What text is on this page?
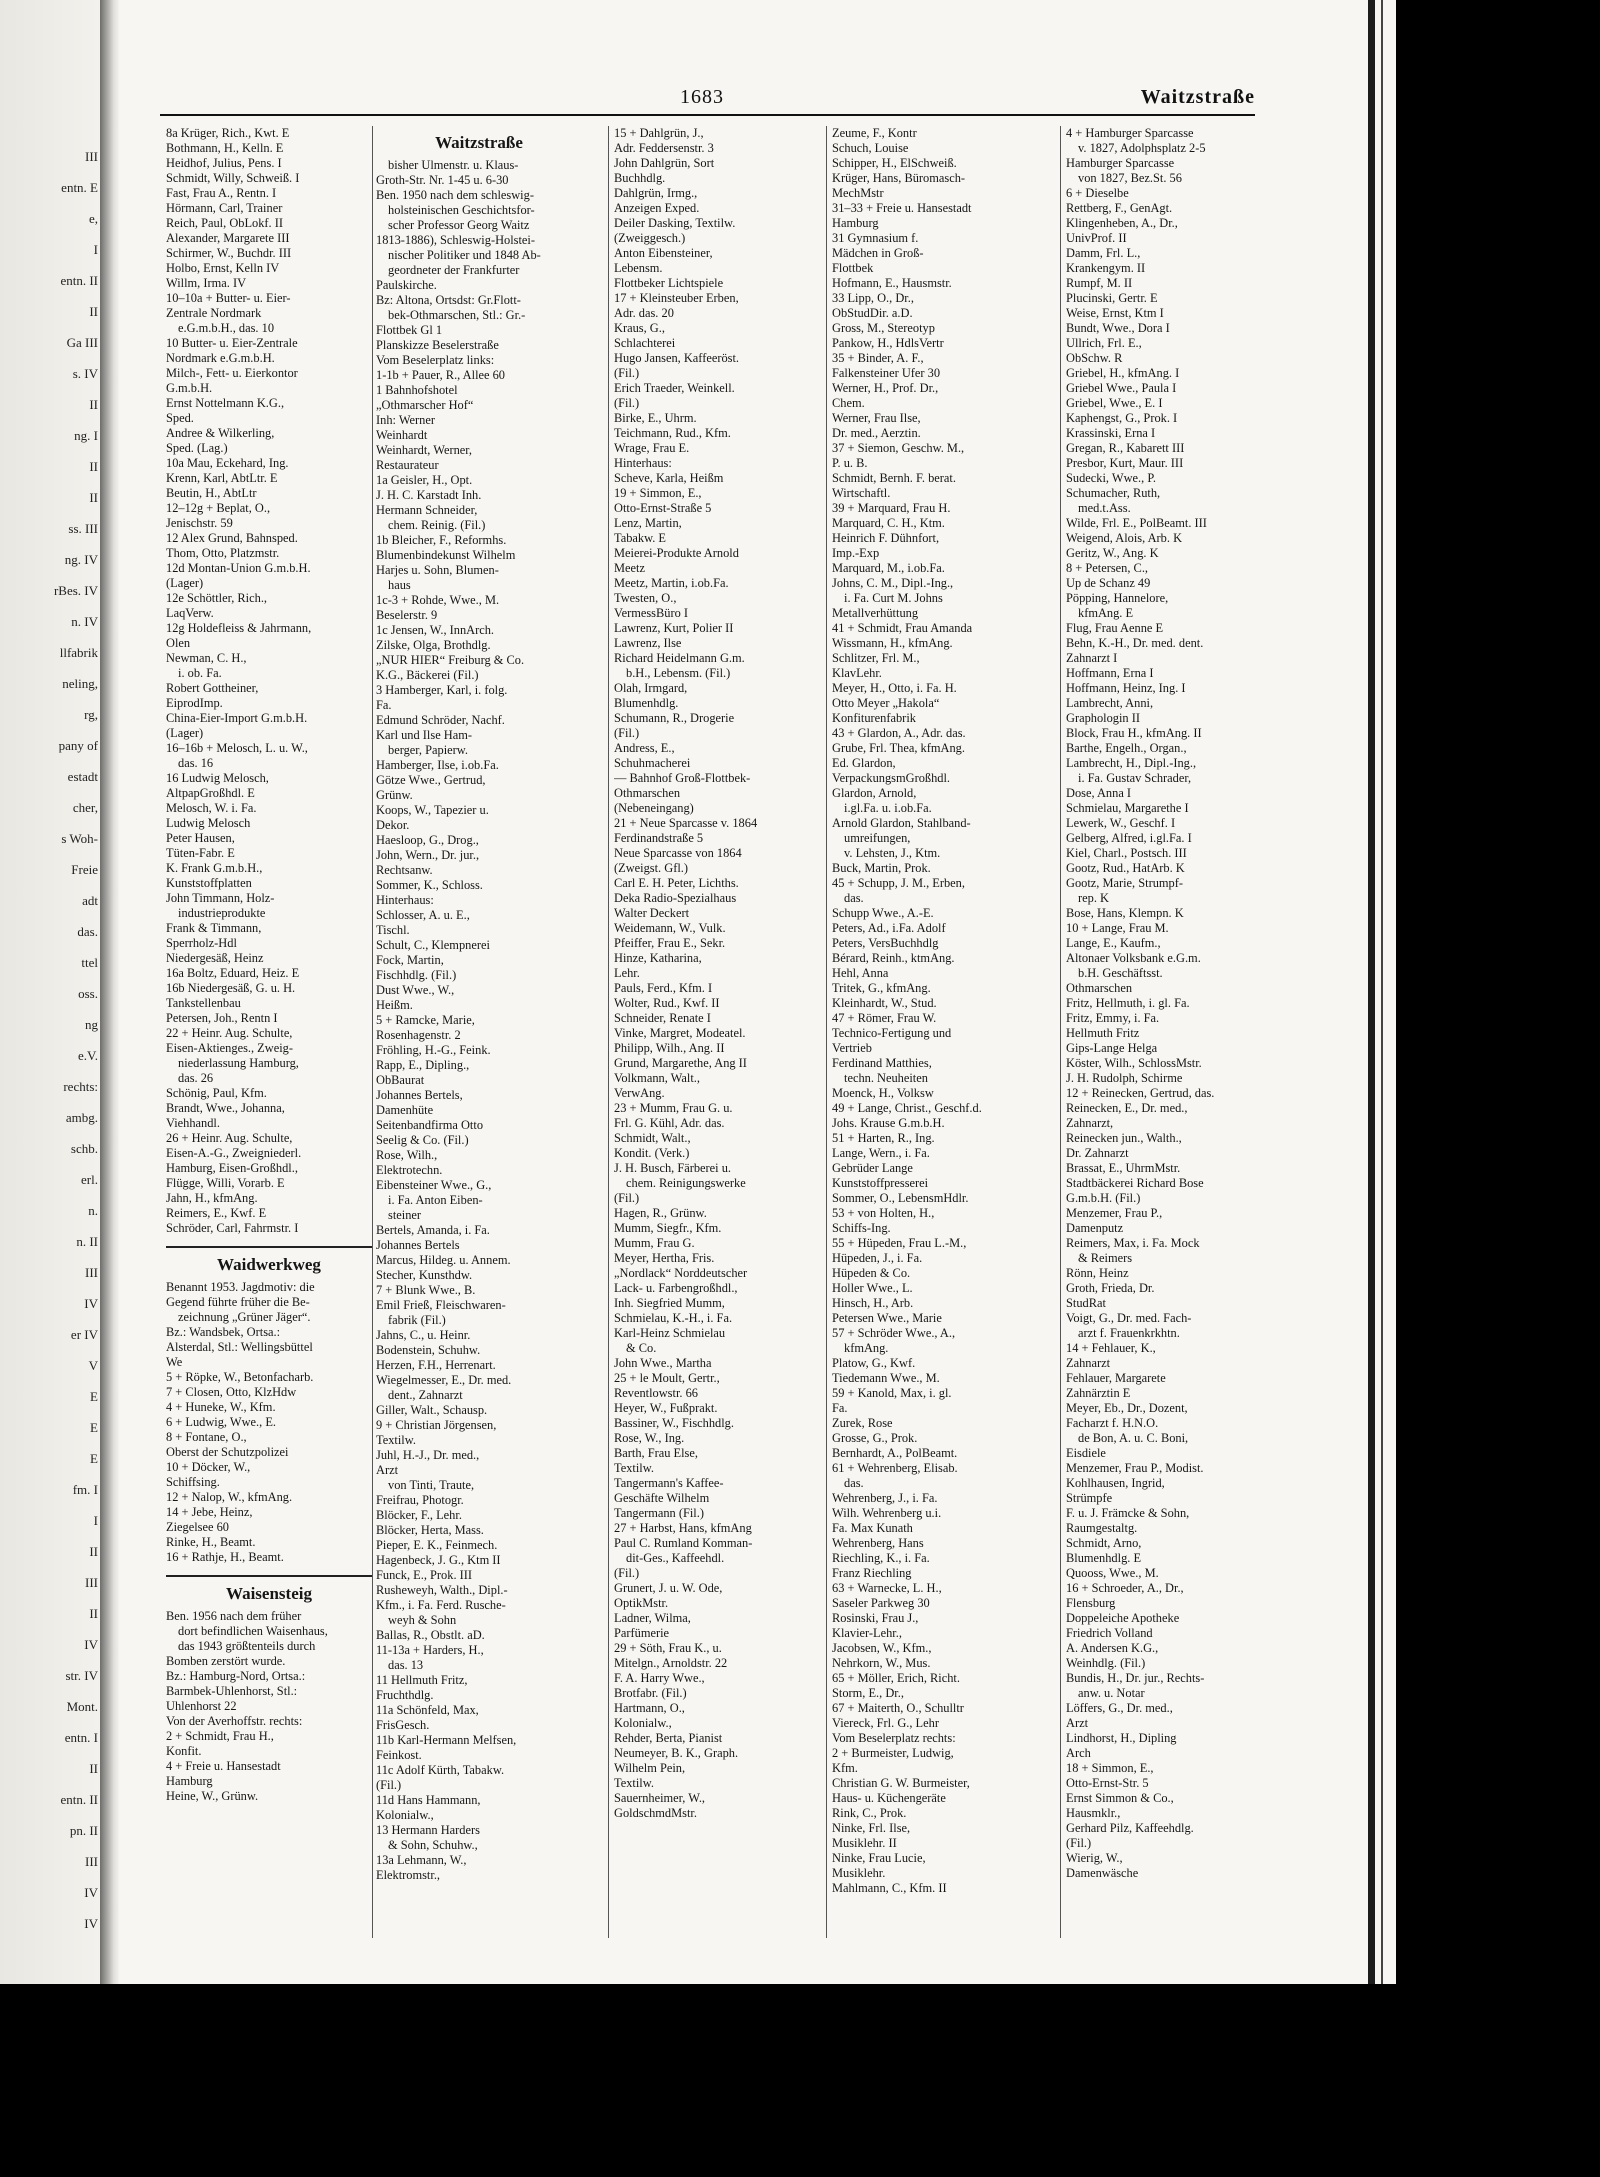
III
entn. E
e,
I
entn. II
II
Ga III
s. IV
II
ng. I
II
II
ss. III
ng. IV
rBes. IV
n. IV
llfabrik
neling,
rg,
pany of
estadt
cher,
s Woh-
Freie
adt
das.
ttel
oss.
ng
e.V.
rechts:
ambg.
schb.
erl.
n.
n. II
III
IV
er IV
V
E
E
E
fm. I
I
II
III
II
IV
str. IV
Mont.
entn. I
II
entn. II
pn. II
III
IV
IV
1683	Waitzstraße
8a Krüger, Rich., Kwt. E
Bothmann, H., Kelln. E
Heidhof, Julius, Pens. I
Schmidt, Willy, Schweiß. I
Fast, Frau A., Rentn. I
Hörmann, Carl, Trainer
Reich, Paul, ObLokf. II
Alexander, Margarete III
Schirmer, W., Buchdr. III
Holbo, Ernst, Kelln IV
Willm, Irma. IV
10–10a + Butter- u. Eier-
Zentrale Nordmark
e.G.m.b.H., das. 10
10 Butter- u. Eier-Zentrale
Nordmark e.G.m.b.H.
Milch-, Fett- u. Eierkontor
G.m.b.H.
Ernst Nottelmann K.G.,
Sped.
Andree & Wilkerling,
Sped. (Lag.)
10a Mau, Eckehard, Ing.
Krenn, Karl, AbtLtr. E
Beutin, H., AbtLtr
12–12g + Beplat, O.,
Jenischstr. 59
12 Alex Grund, Bahnsped.
Thom, Otto, Platzmstr.
12d Montan-Union G.m.b.H.
(Lager)
12e Schöttler, Rich.,
LaqVerw.
12g Holdefleiss & Jahrmann,
Olen
Newman, C. H.,
i. ob. Fa.
Robert Gottheiner,
EiprodImp.
China-Eier-Import G.m.b.H.
(Lager)
16–16b + Melosch, L. u. W.,
das. 16
16 Ludwig Melosch,
AltpapGroßhdl. E
Melosch, W. i. Fa.
Ludwig Melosch
Peter Hausen,
Tüten-Fabr. E
K. Frank G.m.b.H.,
Kunststoffplatten
John Timmann, Holz-
industrieprodukte
Frank & Timmann,
Sperrholz-Hdl
Niedergesäß, Heinz
16a Boltz, Eduard, Heiz. E
16b Niedergesäß, G. u. H.
Tankstellenbau
Petersen, Joh., Rentn I
22 + Heinr. Aug. Schulte,
Eisen-Aktienges., Zweig-
niederlassung Hamburg,
das. 26
Schönig, Paul, Kfm.
Brandt, Wwe., Johanna,
Viehhandl.
26 + Heinr. Aug. Schulte,
Eisen-A.-G., Zweigniederl.
Hamburg, Eisen-Großhdl.,
Flügge, Willi, Vorarb. E
Jahn, H., kfmAng.
Reimers, E., Kwf. E
Schröder, Carl, Fahrmstr. I
Waidwerkweg
Benannt 1953. Jagdmotiv: die
Gegend führte früher die Be-
zeichnung „Grüner Jäger“.
Bz.: Wandsbek, Ortsa.:
Alsterdal, Stl.: Wellingsbüttel
We
5 + Röpke, W., Betonfacharb.
7 + Closen, Otto, KlzHdw
4 + Huneke, W., Kfm.
6 + Ludwig, Wwe., E.
8 + Fontane, O.,
Oberst der Schutzpolizei
10 + Döcker, W.,
Schiffsing.
12 + Nalop, W., kfmAng.
14 + Jebe, Heinz,
Ziegelsee 60
Rinke, H., Beamt.
16 + Rathje, H., Beamt.
Waisensteig
Ben. 1956 nach dem früher
dort befindlichen Waisenhaus,
das 1943 größtenteils durch
Bomben zerstört wurde.
Bz.: Hamburg-Nord, Ortsa.:
Barmbek-Uhlenhorst, Stl.:
Uhlenhorst 22
Von der Averhoffstr. rechts:
2 + Schmidt, Frau H.,
Konfit.
4 + Freie u. Hansestadt
Hamburg
Heine, W., Grünw.
Waitzstraße
bisher Ulmenstr. u. Klaus-
Groth-Str. Nr. 1-45 u. 6-30
Ben. 1950 nach dem schleswig-
holsteinischen Geschichtsfor-
scher Professor Georg Waitz
1813-1886), Schleswig-Holstei-
nischer Politiker und 1848 Ab-
geordneter der Frankfurter
Paulskirche.
Bz: Altona, Ortsdst: Gr.Flott-
bek-Othmarschen, Stl.: Gr.-
Flottbek Gl 1
Planskizze Beselerstraße
Vom Beselerplatz links:
1-1b + Pauer, R., Allee 60
1 Bahnhofshotel
„Othmarscher Hof“
Inh: Werner
Weinhardt
Weinhardt, Werner,
Restaurateur
1a Geisler, H., Opt.
J. H. C. Karstadt Inh.
Hermann Schneider,
chem. Reinig. (Fil.)
1b Bleicher, F., Reformhs.
Blumenbindekunst Wilhelm
Harjes u. Sohn, Blumen-
haus
1c-3 + Rohde, Wwe., M.
Beselerstr. 9
1c Jensen, W., InnArch.
Zilske, Olga, Brothdlg.
„NUR HIER“ Freiburg & Co.
K.G., Bäckerei (Fil.)
3 Hamberger, Karl, i. folg.
Fa.
Edmund Schröder, Nachf.
Karl und Ilse Ham-
berger, Papierw.
Hamberger, Ilse, i.ob.Fa.
Götze Wwe., Gertrud,
Grünw.
Koops, W., Tapezier u.
Dekor.
Haesloop, G., Drog.,
John, Wern., Dr. jur.,
Rechtsanw.
Sommer, K., Schloss.
Hinterhaus:
Schlosser, A. u. E.,
Tischl.
Schult, C., Klempnerei
Fock, Martin,
Fischhdlg. (Fil.)
Dust Wwe., W.,
Heißm.
5 + Ramcke, Marie,
Rosenhagenstr. 2
Fröhling, H.-G., Feink.
Rapp, E., Dipling.,
ObBaurat
Johannes Bertels,
Damenhüte
Seitenbandfirma Otto
Seelig & Co. (Fil.)
Rose, Wilh.,
Elektrotechn.
Eibensteiner Wwe., G.,
i. Fa. Anton Eiben-
steiner
Bertels, Amanda, i. Fa.
Johannes Bertels
Marcus, Hildeg. u. Annem.
Stecher, Kunsthdw.
7 + Blunk Wwe., B.
Emil Frieß, Fleischwaren-
fabrik (Fil.)
Jahns, C., u. Heinr.
Bodenstein, Schuhw.
Herzen, F.H., Herrenart.
Wiegelmesser, E., Dr. med.
dent., Zahnarzt
Giller, Walt., Schausp.
9 + Christian Jörgensen,
Textilw.
Juhl, H.-J., Dr. med.,
Arzt
von Tinti, Traute,
Freifrau, Photogr.
Blöcker, F., Lehr.
Blöcker, Herta, Mass.
Pieper, E. K., Feinmech.
Hagenbeck, J. G., Ktm II
Funck, E., Prok. III
Rusheweyh, Walth., Dipl.-
Kfm., i. Fa. Ferd. Rusche-
weyh & Sohn
Ballas, R., Obstlt. aD.
11-13a + Harders, H.,
das. 13
11 Hellmuth Fritz,
Fruchthdlg.
11a Schönfeld, Max,
FrisGesch.
11b Karl-Hermann Melfsen,
Feinkost.
11c Adolf Kürth, Tabakw.
(Fil.)
11d Hans Hammann,
Kolonialw.,
13 Hermann Harders
& Sohn, Schuhw.,
13a Lehmann, W.,
Elektromstr.,
15 + Dahlgrün, J.,
Adr. Feddersenstr. 3
John Dahlgrün, Sort
Buchhdlg.
Dahlgrün, Irmg.,
Anzeigen Exped.
Deiler Dasking, Textilw.
(Zweiggesch.)
Anton Eibensteiner,
Lebensm.
Flottbeker Lichtspiele
17 + Kleinsteuber Erben,
Adr. das. 20
Kraus, G.,
Schlachterei
Hugo Jansen, Kaffeeröst.
(Fil.)
Erich Traeder, Weinkell.
(Fil.)
Birke, E., Uhrm.
Teichmann, Rud., Kfm.
Wrage, Frau E.
Hinterhaus:
Scheve, Karla, Heißm
19 + Simmon, E.,
Otto-Ernst-Straße 5
Lenz, Martin,
Tabakw. E
Meierei-Produkte Arnold
Meetz
Meetz, Martin, i.ob.Fa.
Twesten, O.,
VermessBüro I
Lawrenz, Kurt, Polier II
Lawrenz, Ilse
Richard Heidelmann G.m.
b.H., Lebensm. (Fil.)
Olah, Irmgard,
Blumenhdlg.
Schumann, R., Drogerie
(Fil.)
Andress, E.,
Schuhmacherei
— Bahnhof Groß-Flottbek-
Othmarschen
(Nebeneingang)
21 + Neue Sparcasse v. 1864
Ferdinandstraße 5
Neue Sparcasse von 1864
(Zweigst. Gfl.)
Carl E. H. Peter, Lichths.
Deka Radio-Spezialhaus
Walter Deckert
Weidemann, W., Vulk.
Pfeiffer, Frau E., Sekr.
Hinze, Katharina,
Lehr.
Pauls, Ferd., Kfm. I
Wolter, Rud., Kwf. II
Schneider, Renate I
Vinke, Margret, Modeatel.
Philipp, Wilh., Ang. II
Grund, Margarethe, Ang II
Volkmann, Walt.,
VerwAng.
23 + Mumm, Frau G. u.
Frl. G. Kühl, Adr. das.
Schmidt, Walt.,
Kondit. (Verk.)
J. H. Busch, Färberei u.
chem. Reinigungswerke
(Fil.)
Hagen, R., Grünw.
Mumm, Siegfr., Kfm.
Mumm, Frau G.
Meyer, Hertha, Fris.
„Nordlack“ Norddeutscher
Lack- u. Farbengroßhdl.,
Inh. Siegfried Mumm,
Schmielau, K.-H., i. Fa.
Karl-Heinz Schmielau
& Co.
John Wwe., Martha
25 + le Moult, Gertr.,
Reventlowstr. 66
Heyer, W., Fußprakt.
Bassiner, W., Fischhdlg.
Rose, W., Ing.
Barth, Frau Else,
Textilw.
Tangermann's Kaffee-
Geschäfte Wilhelm
Tangermann (Fil.)
27 + Harbst, Hans, kfmAng
Paul C. Rumland Komman-
dit-Ges., Kaffeehdl.
(Fil.)
Grunert, J. u. W. Ode,
OptikMstr.
Ladner, Wilma,
Parfümerie
29 + Söth, Frau K., u.
Mitelgn., Arnoldstr. 22
F. A. Harry Wwe.,
Brotfabr. (Fil.)
Hartmann, O.,
Kolonialw.,
Rehder, Berta, Pianist
Neumeyer, B. K., Graph.
Wilhelm Pein,
Textilw.
Sauernheimer, W.,
GoldschmdMstr.
Zeume, F., Kontr
Schuch, Louise
Schipper, H., ElSchweiß.
Krüger, Hans, Büromasch-
MechMstr
31–33 + Freie u. Hansestadt
Hamburg
31 Gymnasium f.
Mädchen in Groß-
Flottbek
Hofmann, E., Hausmstr.
33 Lipp, O., Dr.,
ObStudDir. a.D.
Gross, M., Stereotyp
Pankow, H., HdlsVertr
35 + Binder, A. F.,
Falkensteiner Ufer 30
Werner, H., Prof. Dr.,
Chem.
Werner, Frau Ilse,
Dr. med., Aerztin.
37 + Siemon, Geschw. M.,
P. u. B.
Schmidt, Bernh. F. berat.
Wirtschaftl.
39 + Marquard, Frau H.
Marquard, C. H., Ktm.
Heinrich F. Dühnfort,
Imp.-Exp
Marquard, M., i.ob.Fa.
Johns, C. M., Dipl.-Ing.,
i. Fa. Curt M. Johns
Metallverhüttung
41 + Schmidt, Frau Amanda
Wissmann, H., kfmAng.
Schlitzer, Frl. M.,
KlavLehr.
Meyer, H., Otto, i. Fa. H.
Otto Meyer „Hakola“
Konfiturenfabrik
43 + Glardon, A., Adr. das.
Grube, Frl. Thea, kfmAng.
Ed. Glardon,
VerpackungsmGroßhdl.
Glardon, Arnold,
i.gl.Fa. u. i.ob.Fa.
Arnold Glardon, Stahlband-
umreifungen,
v. Lehsten, J., Ktm.
Buck, Martin, Prok.
45 + Schupp, J. M., Erben,
das.
Schupp Wwe., A.-E.
Peters, Ad., i.Fa. Adolf
Peters, VersBuchhdlg
Bérard, Reinh., ktmAng.
Hehl, Anna
Tritek, G., kfmAng.
Kleinhardt, W., Stud.
47 + Römer, Frau W.
Technico-Fertigung und
Vertrieb
Ferdinand Matthies,
techn. Neuheiten
Moenck, H., Volksw
49 + Lange, Christ., Geschf.d.
Johs. Krause G.m.b.H.
51 + Harten, R., Ing.
Lange, Wern., i. Fa.
Gebrüder Lange
Kunststoffpresserei
Sommer, O., LebensmHdlr.
53 + von Holten, H.,
Schiffs-Ing.
55 + Hüpeden, Frau L.-M.,
Hüpeden, J., i. Fa.
Hüpeden & Co.
Holler Wwe., L.
Hinsch, H., Arb.
Petersen Wwe., Marie
57 + Schröder Wwe., A.,
kfmAng.
Platow, G., Kwf.
Tiedemann Wwe., M.
59 + Kanold, Max, i. gl.
Fa.
Zurek, Rose
Grosse, G., Prok.
Bernhardt, A., PolBeamt.
61 + Wehrenberg, Elisab.
das.
Wehrenberg, J., i. Fa.
Wilh. Wehrenberg u.i.
Fa. Max Kunath
Wehrenberg, Hans
Riechling, K., i. Fa.
Franz Riechling
63 + Warnecke, L. H.,
Saseler Parkweg 30
Rosinski, Frau J.,
Klavier-Lehr.,
Jacobsen, W., Kfm.,
Nehrkorn, W., Mus.
65 + Möller, Erich, Richt.
Storm, E., Dr.,
67 + Maiterth, O., Schulltr
Viereck, Frl. G., Lehr
Vom Beselerplatz rechts:
2 + Burmeister, Ludwig,
Kfm.
Christian G. W. Burmeister,
Haus- u. Küchengeräte
Rink, C., Prok.
Ninke, Frl. Ilse,
Musiklehr. II
Ninke, Frau Lucie,
Musiklehr.
Mahlmann, C., Kfm. II
4 + Hamburger Sparcasse
v. 1827, Adolphsplatz 2-5
Hamburger Sparcasse
von 1827, Bez.St. 56
6 + Dieselbe
Rettberg, F., GenAgt.
Klingenheben, A., Dr.,
UnivProf. II
Damm, Frl. L.,
Krankengym. II
Rumpf, M. II
Plucinski, Gertr. E
Weise, Ernst, Ktm I
Bundt, Wwe., Dora I
Ullrich, Frl. E.,
ObSchw. R
Griebel, H., kfmAng. I
Griebel Wwe., Paula I
Griebel, Wwe., E. I
Kaphengst, G., Prok. I
Krassinski, Erna I
Gregan, R., Kabarett III
Presbor, Kurt, Maur. III
Sudecki, Wwe., P.
Schumacher, Ruth,
med.t.Ass.
Wilde, Frl. E., PolBeamt. III
Weigend, Alois, Arb. K
Geritz, W., Ang. K
8 + Petersen, C.,
Up de Schanz 49
Pöpping, Hannelore,
kfmAng. E
Flug, Frau Aenne E
Behn, K.-H., Dr. med. dent.
Zahnarzt I
Hoffmann, Erna I
Hoffmann, Heinz, Ing. I
Lambrecht, Anni,
Graphologin II
Block, Frau H., kfmAng. II
Barthe, Engelh., Organ.,
Lambrecht, H., Dipl.-Ing.,
i. Fa. Gustav Schrader,
Dose, Anna I
Schmielau, Margarethe I
Lewerk, W., Geschf. I
Gelberg, Alfred, i.gl.Fa. I
Kiel, Charl., Postsch. III
Gootz, Rud., HatArb. K
Gootz, Marie, Strumpf-
rep. K
Bose, Hans, Klempn. K
10 + Lange, Frau M.
Lange, E., Kaufm.,
Altonaer Volksbank e.G.m.
b.H. Geschäftsst.
Othmarschen
Fritz, Hellmuth, i. gl. Fa.
Fritz, Emmy, i. Fa.
Hellmuth Fritz
Gips-Lange Helga
Köster, Wilh., SchlossMstr.
J. H. Rudolph, Schirme
12 + Reinecken, Gertrud, das.
Reinecken, E., Dr. med.,
Zahnarzt,
Reinecken jun., Walth.,
Dr. Zahnarzt
Brassat, E., UhrmMstr.
Stadtbäckerei Richard Bose
G.m.b.H. (Fil.)
Menzemer, Frau P.,
Damenputz
Reimers, Max, i. Fa. Mock
& Reimers
Rönn, Heinz
Groth, Frieda, Dr.
StudRat
Voigt, G., Dr. med. Fach-
arzt f. Frauenkrkhtn.
14 + Fehlauer, K.,
Zahnarzt
Fehlauer, Margarete
Zahnärztin E
Meyer, Eb., Dr., Dozent,
Facharzt f. H.N.O.
de Bon, A. u. C. Boni,
Eisdiele
Menzemer, Frau P., Modist.
Kohlhausen, Ingrid,
Strümpfe
F. u. J. Främcke & Sohn,
Raumgestaltg.
Schmidt, Arno,
Blumenhdlg. E
Quooss, Wwe., M.
16 + Schroeder, A., Dr.,
Flensburg
Doppeleiche Apotheke
Friedrich Volland
A. Andersen K.G.,
Weinhdlg. (Fil.)
Bundis, H., Dr. jur., Rechts-
anw. u. Notar
Löffers, G., Dr. med.,
Arzt
Lindhorst, H., Dipling
Arch
18 + Simmon, E.,
Otto-Ernst-Str. 5
Ernst Simmon & Co.,
Hausmklr.,
Gerhard Pilz, Kaffeehdlg.
(Fil.)
Wierig, W.,
Damenwäsche
